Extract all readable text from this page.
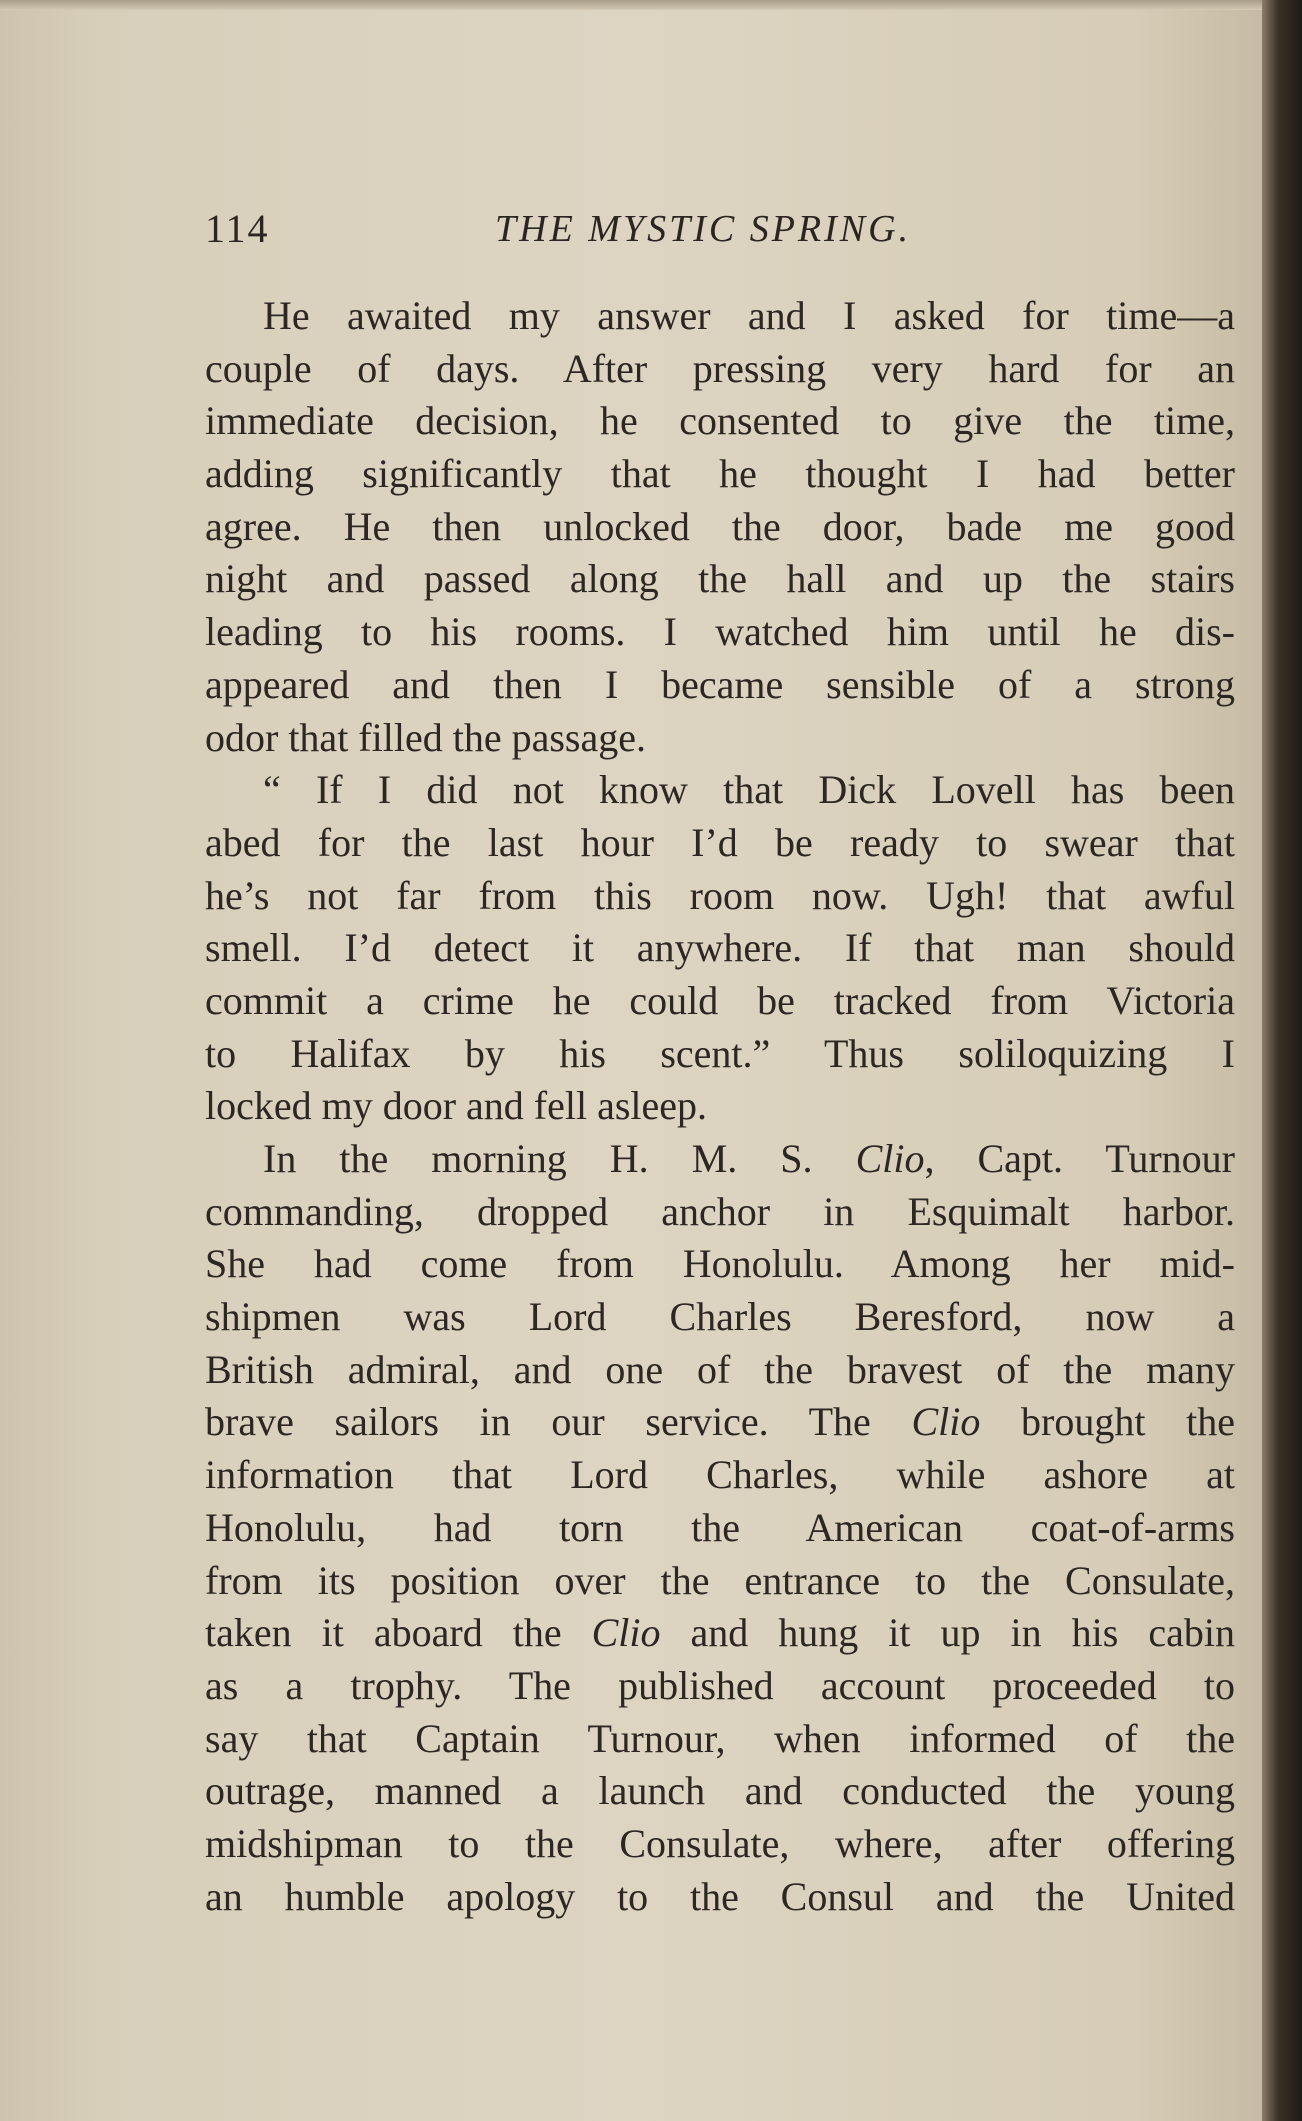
114	THE MYSTIC SPRING.
He awaited my answer and I asked for time—a
couple of days. After pressing very hard for an
immediate decision, he consented to give the time,
adding significantly that he thought I had better
agree. He then unlocked the door, bade me good
night and passed along the hall and up the stairs
leading to his rooms. I watched him until he dis-
appeared and then I became sensible of a strong
odor that filled the passage.
“ If I did not know that Dick Lovell has been
abed for the last hour I’d be ready to swear that
he’s not far from this room now. Ugh! that awful
smell. I’d detect it anywhere. If that man should
commit a crime he could be tracked from Victoria
to Halifax by his scent.” Thus soliloquizing I
locked my door and fell asleep.
In the morning H. M. S. Clio, Capt. Turnour
commanding, dropped anchor in Esquimalt harbor.
She had come from Honolulu. Among her mid-
shipmen was Lord Charles Beresford, now a
British admiral, and one of the bravest of the many
brave sailors in our service. The Clio brought the
information that Lord Charles, while ashore at
Honolulu, had torn the American coat-of-arms
from its position over the entrance to the Consulate,
taken it aboard the Clio and hung it up in his cabin
as a trophy. The published account proceeded to
say that Captain Turnour, when informed of the
outrage, manned a launch and conducted the young
midshipman to the Consulate, where, after offering
an humble apology to the Consul and the United
